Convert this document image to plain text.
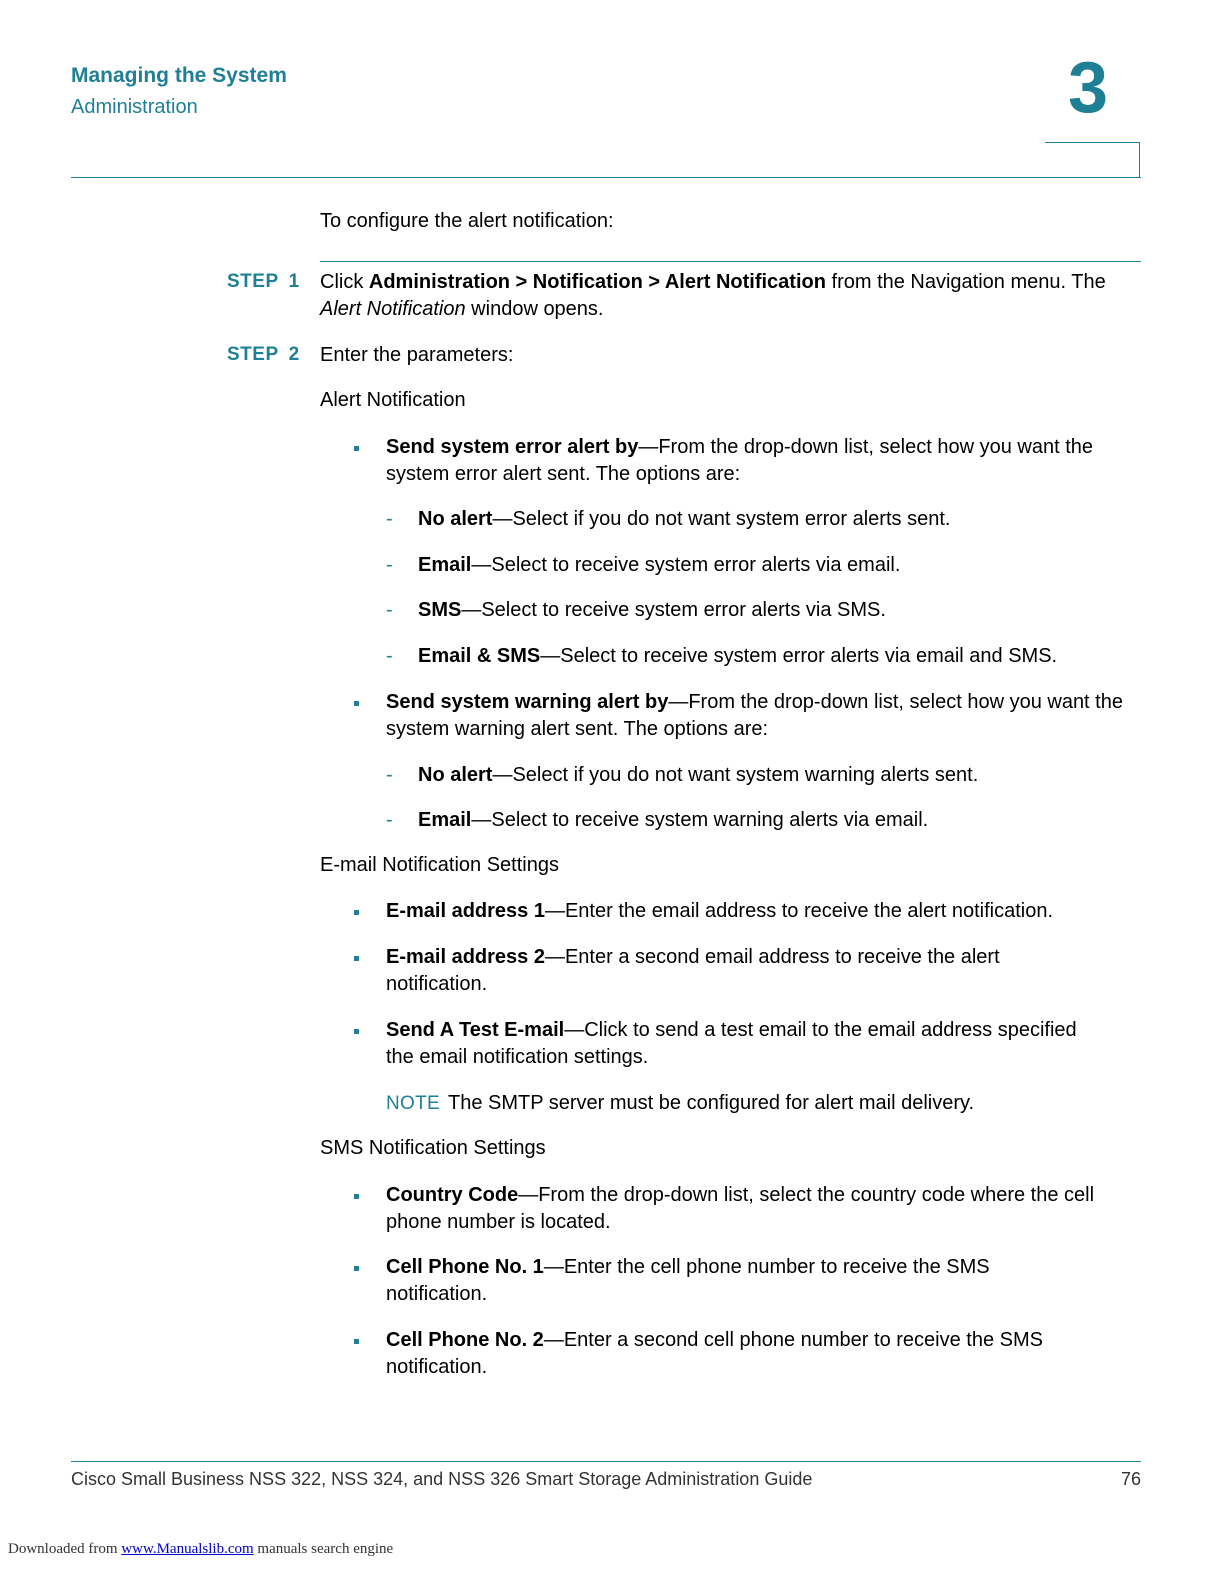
Managing the System
Administration	3
To configure the alert notification:
STEP 1 Click Administration > Notification > Alert Notification from the Navigation menu. The Alert Notification window opens.
STEP 2 Enter the parameters:
Alert Notification
Send system error alert by—From the drop-down list, select how you want the system error alert sent. The options are:
- No alert—Select if you do not want system error alerts sent.
- Email—Select to receive system error alerts via email.
- SMS—Select to receive system error alerts via SMS.
- Email & SMS—Select to receive system error alerts via email and SMS.
Send system warning alert by—From the drop-down list, select how you want the system warning alert sent. The options are:
- No alert—Select if you do not want system warning alerts sent.
- Email—Select to receive system warning alerts via email.
E-mail Notification Settings
E-mail address 1—Enter the email address to receive the alert notification.
E-mail address 2—Enter a second email address to receive the alert notification.
Send A Test E-mail—Click to send a test email to the email address specified the email notification settings.
NOTE The SMTP server must be configured for alert mail delivery.
SMS Notification Settings
Country Code—From the drop-down list, select the country code where the cell phone number is located.
Cell Phone No. 1—Enter the cell phone number to receive the SMS notification.
Cell Phone No. 2—Enter a second cell phone number to receive the SMS notification.
Cisco Small Business NSS 322, NSS 324, and NSS 326 Smart Storage Administration Guide	76
Downloaded from www.Manualslib.com manuals search engine
